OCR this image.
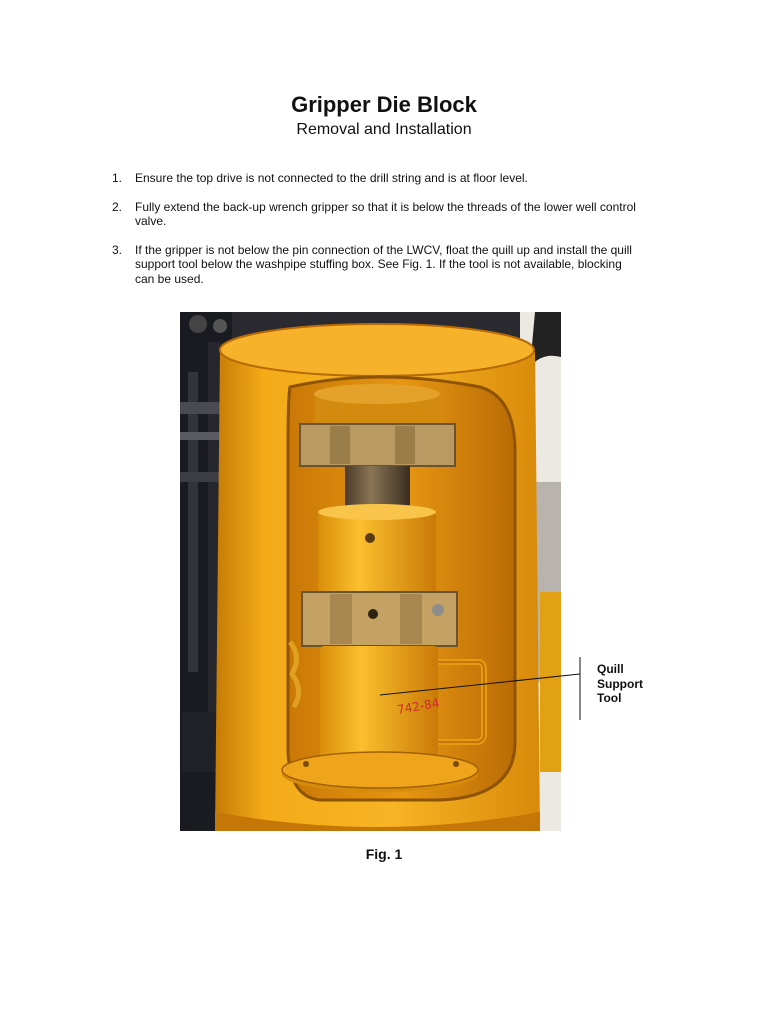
Gripper Die Block
Removal and Installation
1.	Ensure the top drive is not connected to the drill string and is at floor level.
2.	Fully extend the back-up wrench gripper so that it is below the threads of the lower well control valve.
3.	If the gripper is not below the pin connection of the LWCV, float the quill up and install the quill support tool below the washpipe stuffing box. See Fig. 1. If the tool is not available, blocking can be used.
742-84
Quill
Support
Tool
Fig. 1
